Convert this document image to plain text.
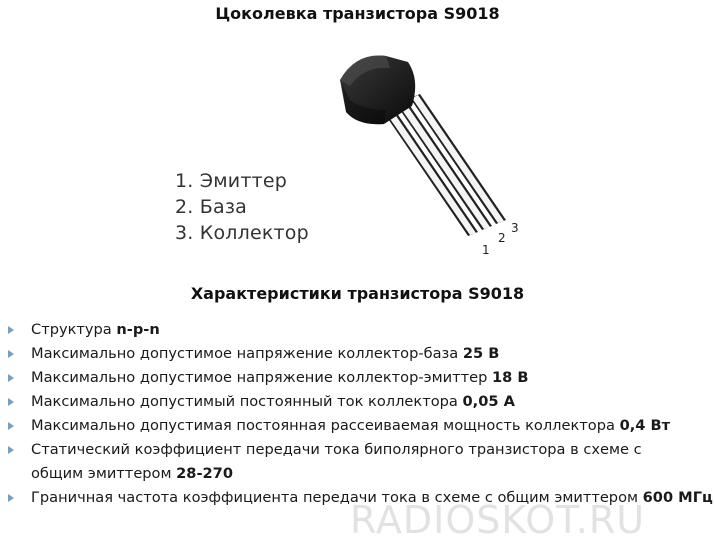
Цоколевка транзистора S9018
1
2
3
1. Эмиттер
2. База
3. Коллектор
Характеристики транзистора S9018
Структура n-p-n
Максимально допустимое напряжение коллектор-база 25 В
Максимально допустимое напряжение коллектор-эмиттер 18 В
Максимально допустимый постоянный ток коллектора 0,05 А
Максимально допустимая постоянная рассеиваемая мощность коллектора 0,4 Вт
Статический коэффициент передачи тока биполярного транзистора в схеме с общим эмиттером 28-270
Граничная частота коэффициента передачи тока в схеме с общим эмиттером 600 МГц
RADIOSKOT.RU
